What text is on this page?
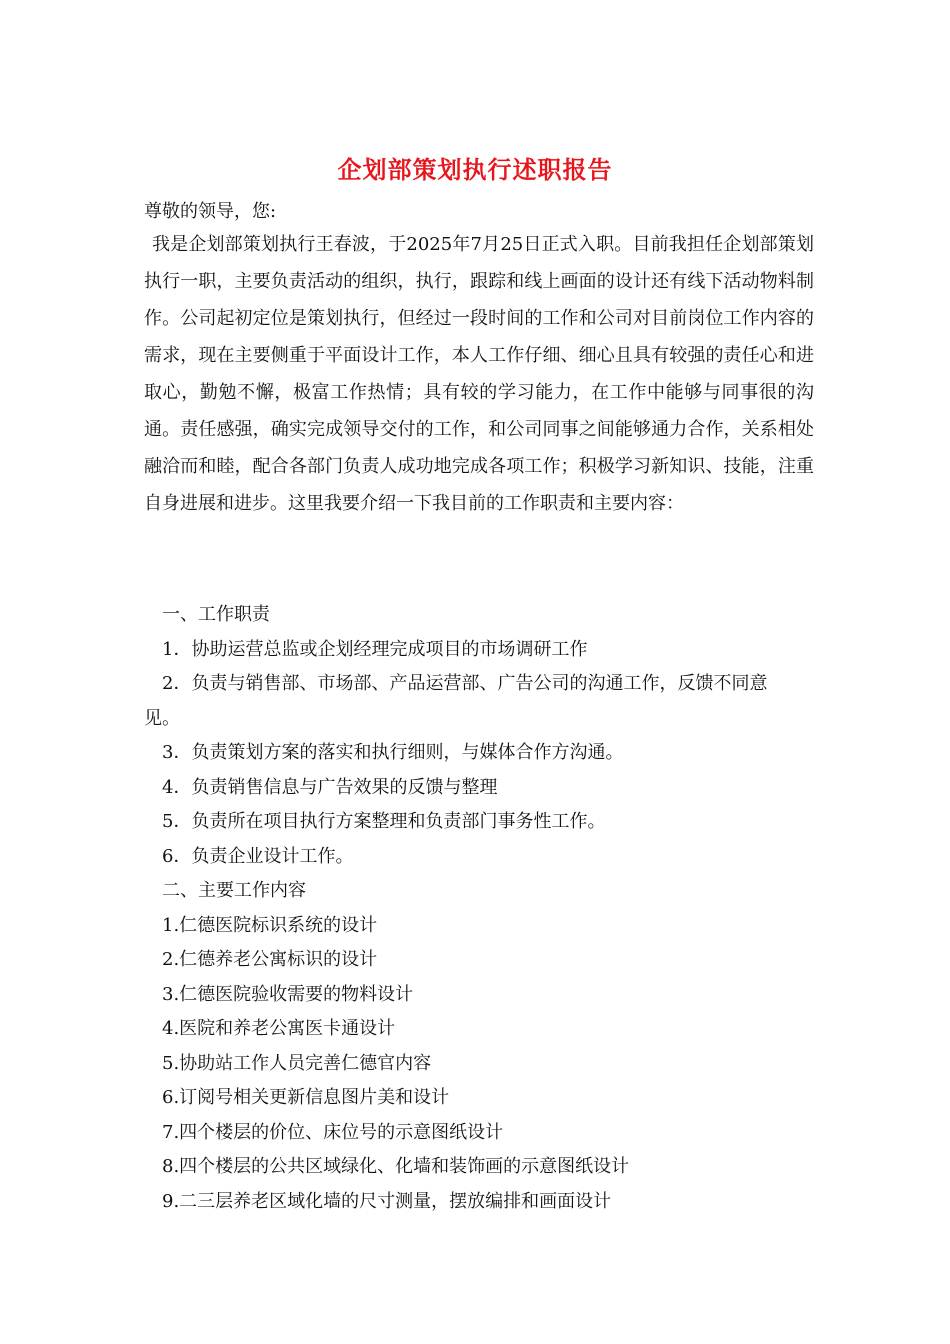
企划部策划执行述职报告
尊敬的领导，您:
我是企划部策划执行王春波，于2025年7月25日正式入职。目前我担任企划部策划执行一职，主要负责活动的组织，执行，跟踪和线上画面的设计还有线下活动物料制作。公司起初定位是策划执行，但经过一段时间的工作和公司对目前岗位工作内容的需求，现在主要侧重于平面设计工作，本人工作仔细、细心且具有较强的责任心和进取心，勤勉不懈，极富工作热情；具有较的学习能力，在工作中能够与同事很的沟通。责任感强，确实完成领导交付的工作，和公司同事之间能够通力合作，关系相处融洽而和睦，配合各部门负责人成功地完成各项工作；积极学习新知识、技能，注重自身进展和进步。这里我要介绍一下我目前的工作职责和主要内容：
一、工作职责
1．协助运营总监或企划经理完成项目的市场调研工作
2．负责与销售部、市场部、产品运营部、广告公司的沟通工作，反馈不同意
见。
3．负责策划方案的落实和执行细则，与媒体合作方沟通。
4．负责销售信息与广告效果的反馈与整理
5．负责所在项目执行方案整理和负责部门事务性工作。
6．负责企业设计工作。
二、主要工作内容
1.仁德医院标识系统的设计
2.仁德养老公寓标识的设计
3.仁德医院验收需要的物料设计
4.医院和养老公寓医卡通设计
5.协助站工作人员完善仁德官内容
6.订阅号相关更新信息图片美和设计
7.四个楼层的价位、床位号的示意图纸设计
8.四个楼层的公共区域绿化、化墙和装饰画的示意图纸设计
9.二三层养老区域化墙的尺寸测量，摆放编排和画面设计
